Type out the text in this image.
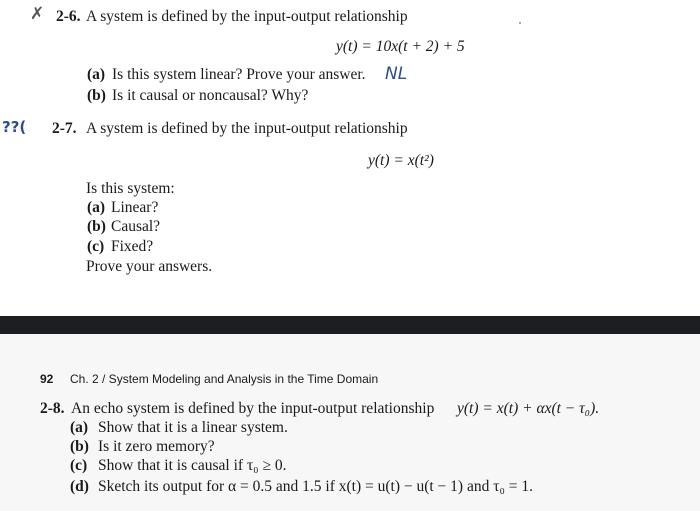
✗ 2-6. A system is defined by the input-output relationship
y(t) = 10x(t + 2) + 5
(a) Is this system linear? Prove your answer. NL
(b) Is it causal or noncausal? Why?
??( 2-7. A system is defined by the input-output relationship
y(t) = x(t²)
Is this system:
(a) Linear?
(b) Causal?
(c) Fixed?
Prove your answers.
92 Ch. 2 / System Modeling and Analysis in the Time Domain
2-8. An echo system is defined by the input-output relationship y(t) = x(t) + αx(t − τ₀).
(a) Show that it is a linear system.
(b) Is it zero memory?
(c) Show that it is causal if τ₀ ≥ 0.
(d) Sketch its output for α = 0.5 and 1.5 if x(t) = u(t) − u(t − 1) and τ₀ = 1.
